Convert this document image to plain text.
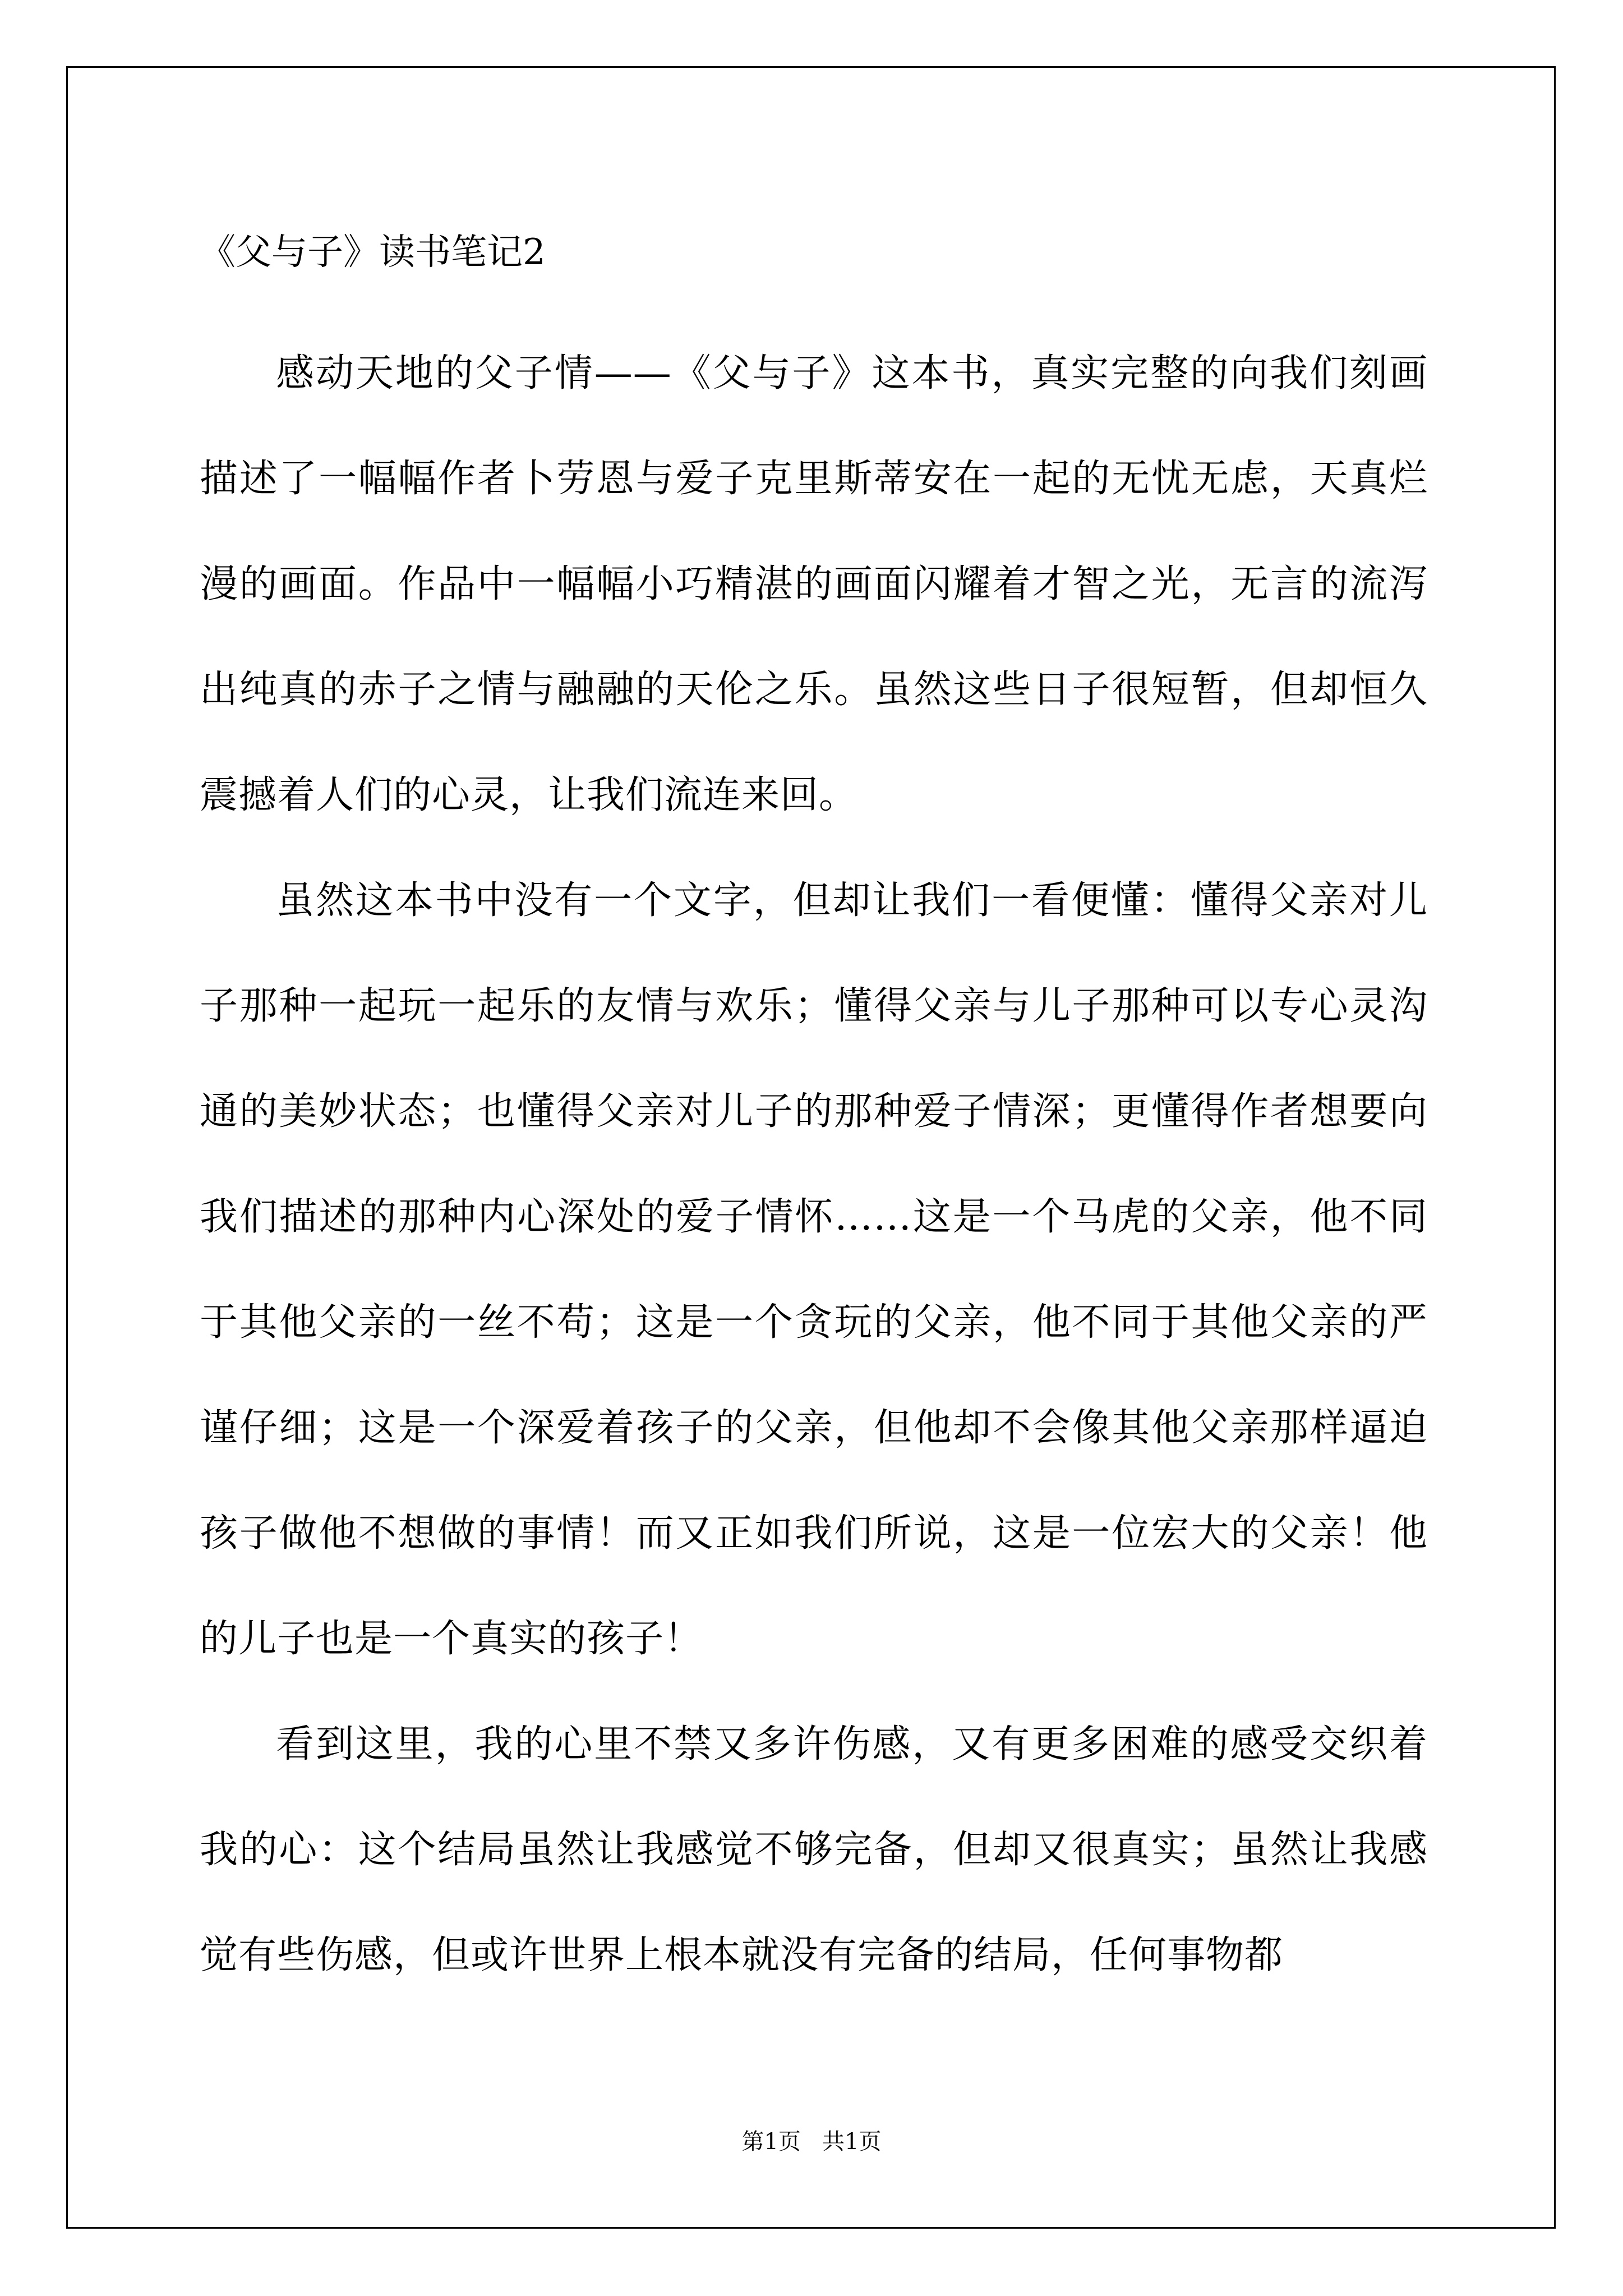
《父与子》读书笔记2

感动天地的父子情——《父与子》这本书，真实完整的向我们刻画描述了一幅幅作者卜劳恩与爱子克里斯蒂安在一起的无忧无虑，天真烂漫的画面。作品中一幅幅小巧精湛的画面闪耀着才智之光，无言的流泻出纯真的赤子之情与融融的天伦之乐。虽然这些日子很短暂，但却恒久震撼着人们的心灵，让我们流连来回。

虽然这本书中没有一个文字，但却让我们一看便懂：懂得父亲对儿子那种一起玩一起乐的友情与欢乐；懂得父亲与儿子那种可以专心灵沟通的美妙状态；也懂得父亲对儿子的那种爱子情深；更懂得作者想要向我们描述的那种内心深处的爱子情怀……这是一个马虎的父亲，他不同于其他父亲的一丝不苟；这是一个贪玩的父亲，他不同于其他父亲的严谨仔细；这是一个深爱着孩子的父亲，但他却不会像其他父亲那样逼迫孩子做他不想做的事情！而又正如我们所说，这是一位宏大的父亲！他的儿子也是一个真实的孩子！

看到这里，我的心里不禁又多许伤感，又有更多困难的感受交织着我的心：这个结局虽然让我感觉不够完备，但却又很真实；虽然让我感觉有些伤感，但或许世界上根本就没有完备的结局，任何事物都

第1页   共1页
